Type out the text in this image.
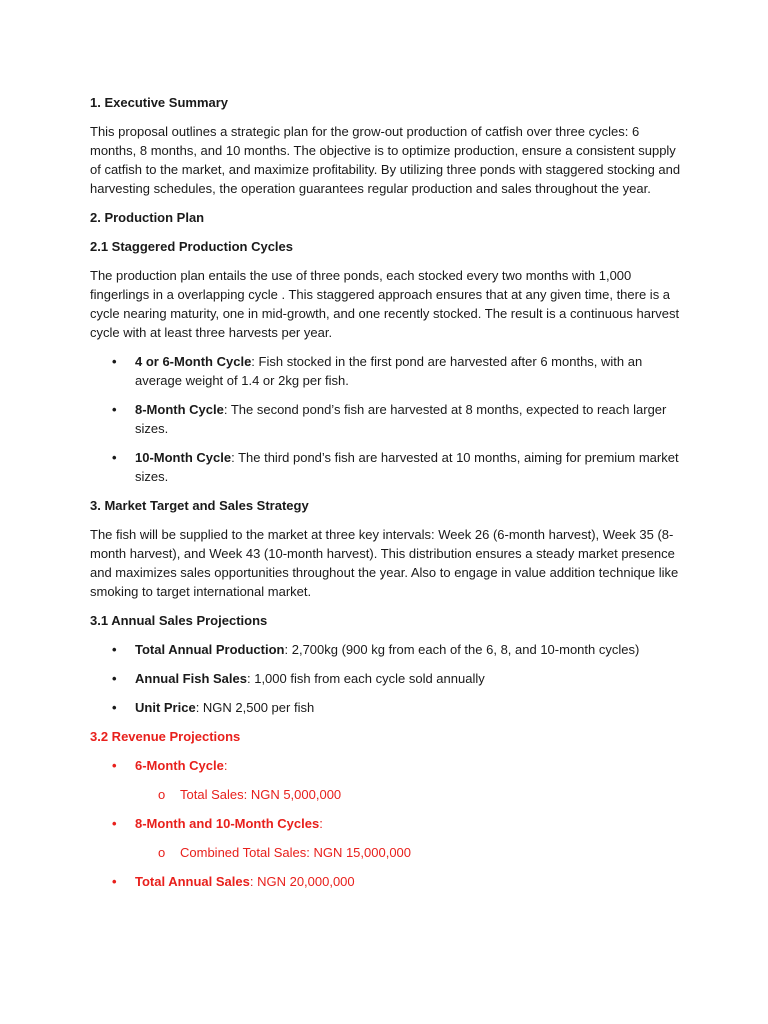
1. Executive Summary
This proposal outlines a strategic plan for the grow-out production of catfish over three cycles: 6 months, 8 months, and 10 months. The objective is to optimize production, ensure a consistent supply of catfish to the market, and maximize profitability. By utilizing three ponds with staggered stocking and harvesting schedules, the operation guarantees regular production and sales throughout the year.
2. Production Plan
2.1 Staggered Production Cycles
The production plan entails the use of three ponds, each stocked every two months with 1,000 fingerlings in a overlapping cycle . This staggered approach ensures that at any given time, there is a cycle nearing maturity, one in mid-growth, and one recently stocked. The result is a continuous harvest cycle with at least three harvests per year.
• 4 or 6-Month Cycle: Fish stocked in the first pond are harvested after 6 months, with an average weight of 1.4 or 2kg per fish.
• 8-Month Cycle: The second pond’s fish are harvested at 8 months, expected to reach larger sizes.
• 10-Month Cycle: The third pond’s fish are harvested at 10 months, aiming for premium market sizes.
3. Market Target and Sales Strategy
The fish will be supplied to the market at three key intervals: Week 26 (6-month harvest), Week 35 (8-month harvest), and Week 43 (10-month harvest). This distribution ensures a steady market presence and maximizes sales opportunities throughout the year. Also to engage in value addition technique like smoking to target international market.
3.1 Annual Sales Projections
• Total Annual Production: 2,700kg (900 kg from each of the 6, 8, and 10-month cycles)
• Annual Fish Sales: 1,000 fish from each cycle sold annually
• Unit Price: NGN 2,500 per fish
3.2 Revenue Projections
• 6-Month Cycle:
o Total Sales: NGN 5,000,000
• 8-Month and 10-Month Cycles:
o Combined Total Sales: NGN 15,000,000
• Total Annual Sales: NGN 20,000,000
